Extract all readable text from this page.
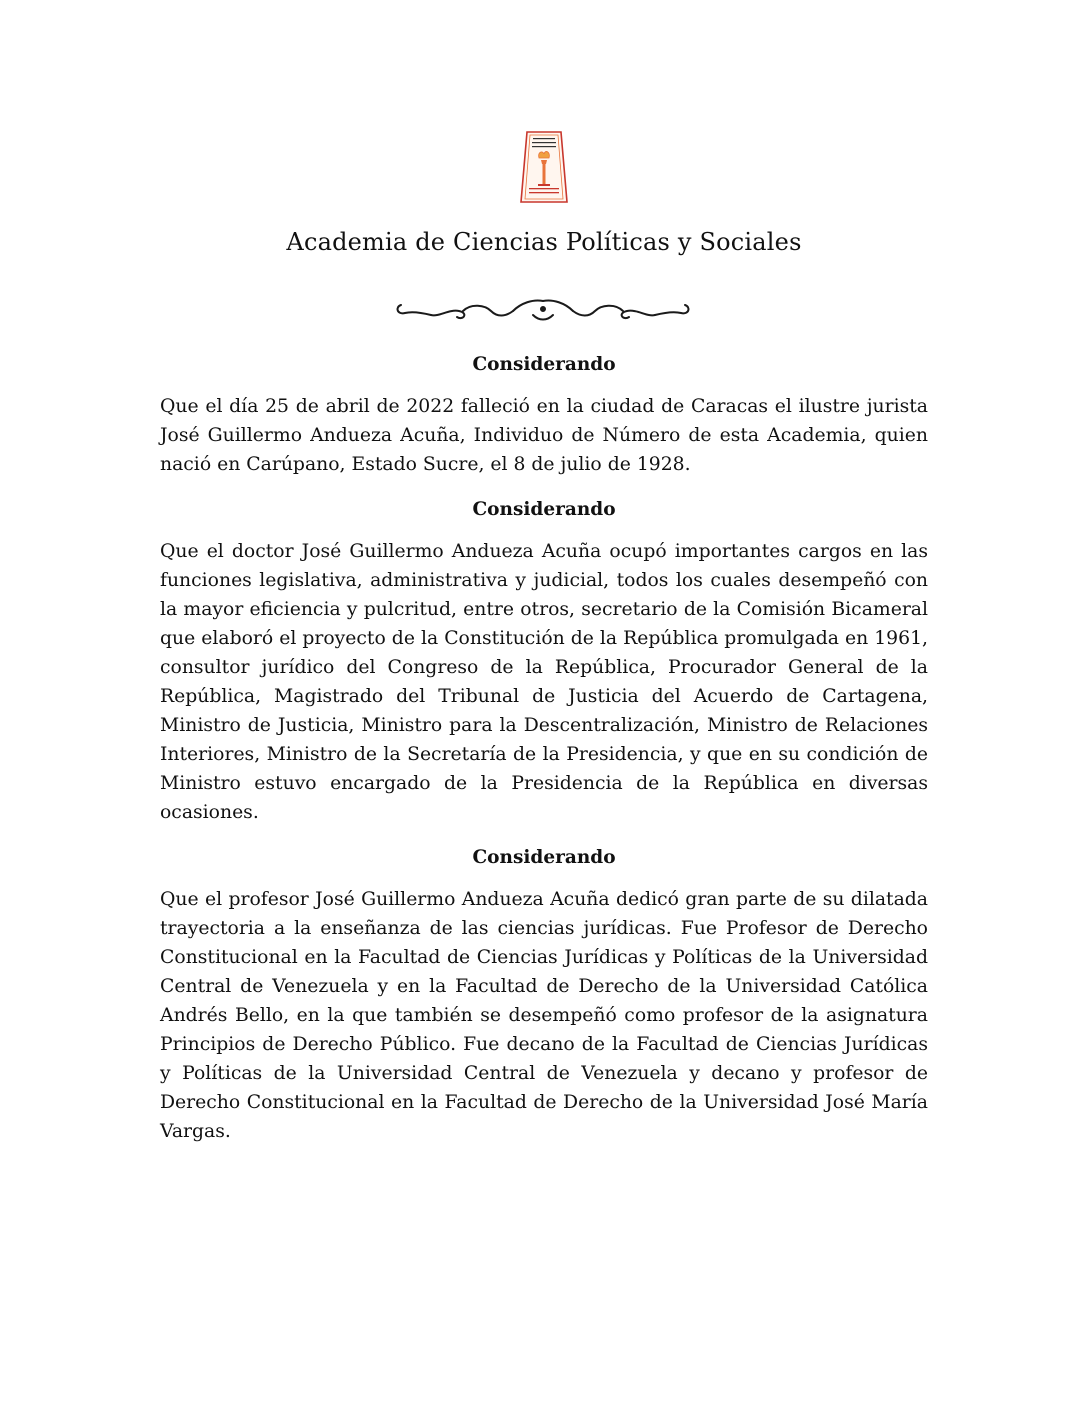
Academia de Ciencias Políticas y Sociales
Considerando

Que el día 25 de abril de 2022 falleció en la ciudad de Caracas el ilustre jurista José Guillermo Andueza Acuña, Individuo de Número de esta Academia, quien nació en Carúpano, Estado Sucre, el 8 de julio de 1928.

Considerando

Que el doctor José Guillermo Andueza Acuña ocupó importantes cargos en las funciones legislativa, administrativa y judicial, todos los cuales desempeñó con la mayor eficiencia y pulcritud, entre otros, secretario de la Comisión Bicameral que elaboró el proyecto de la Constitución de la República promulgada en 1961, consultor jurídico del Congreso de la República, Procurador General de la República, Magistrado del Tribunal de Justicia del Acuerdo de Cartagena, Ministro de Justicia, Ministro para la Descentralización, Ministro de Relaciones Interiores, Ministro de la Secretaría de la Presidencia, y que en su condición de Ministro estuvo encargado de la Presidencia de la República en diversas ocasiones.

Considerando

Que el profesor José Guillermo Andueza Acuña dedicó gran parte de su dilatada trayectoria a la enseñanza de las ciencias jurídicas. Fue Profesor de Derecho Constitucional en la Facultad de Ciencias Jurídicas y Políticas de la Universidad Central de Venezuela y en la Facultad de Derecho de la Universidad Católica Andrés Bello, en la que también se desempeñó como profesor de la asignatura Principios de Derecho Público. Fue decano de la Facultad de Ciencias Jurídicas y Políticas de la Universidad Central de Venezuela y decano y profesor de Derecho Constitucional en la Facultad de Derecho de la Universidad José María Vargas.
